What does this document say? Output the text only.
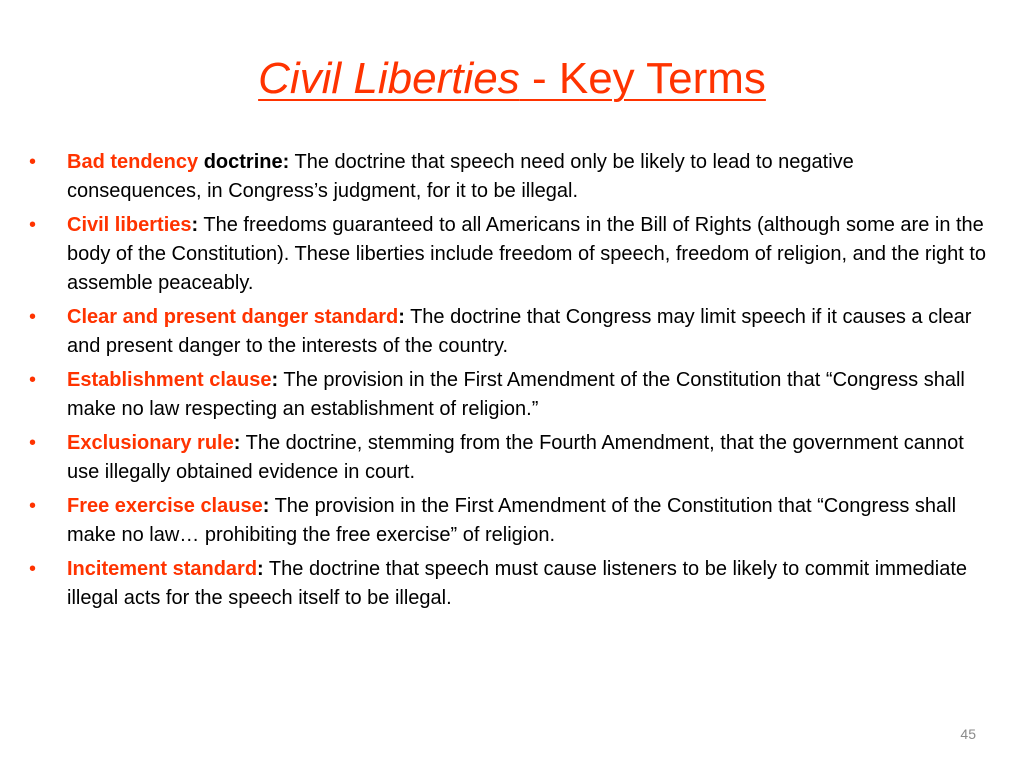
Civil Liberties - Key Terms
• Bad tendency doctrine: The doctrine that speech need only be likely to lead to negative consequences, in Congress’s judgment, for it to be illegal.
• Civil liberties: The freedoms guaranteed to all Americans in the Bill of Rights (although some are in the body of the Constitution). These liberties include freedom of speech, freedom of religion, and the right to assemble peaceably.
• Clear and present danger standard: The doctrine that Congress may limit speech if it causes a clear and present danger to the interests of the country.
• Establishment clause: The provision in the First Amendment of the Constitution that “Congress shall make no law respecting an establishment of religion.”
• Exclusionary rule: The doctrine, stemming from the Fourth Amendment, that the government cannot use illegally obtained evidence in court.
• Free exercise clause: The provision in the First Amendment of the Constitution that “Congress shall make no law… prohibiting the free exercise” of religion.
• Incitement standard: The doctrine that speech must cause listeners to be likely to commit immediate illegal acts for the speech itself to be illegal.
45
